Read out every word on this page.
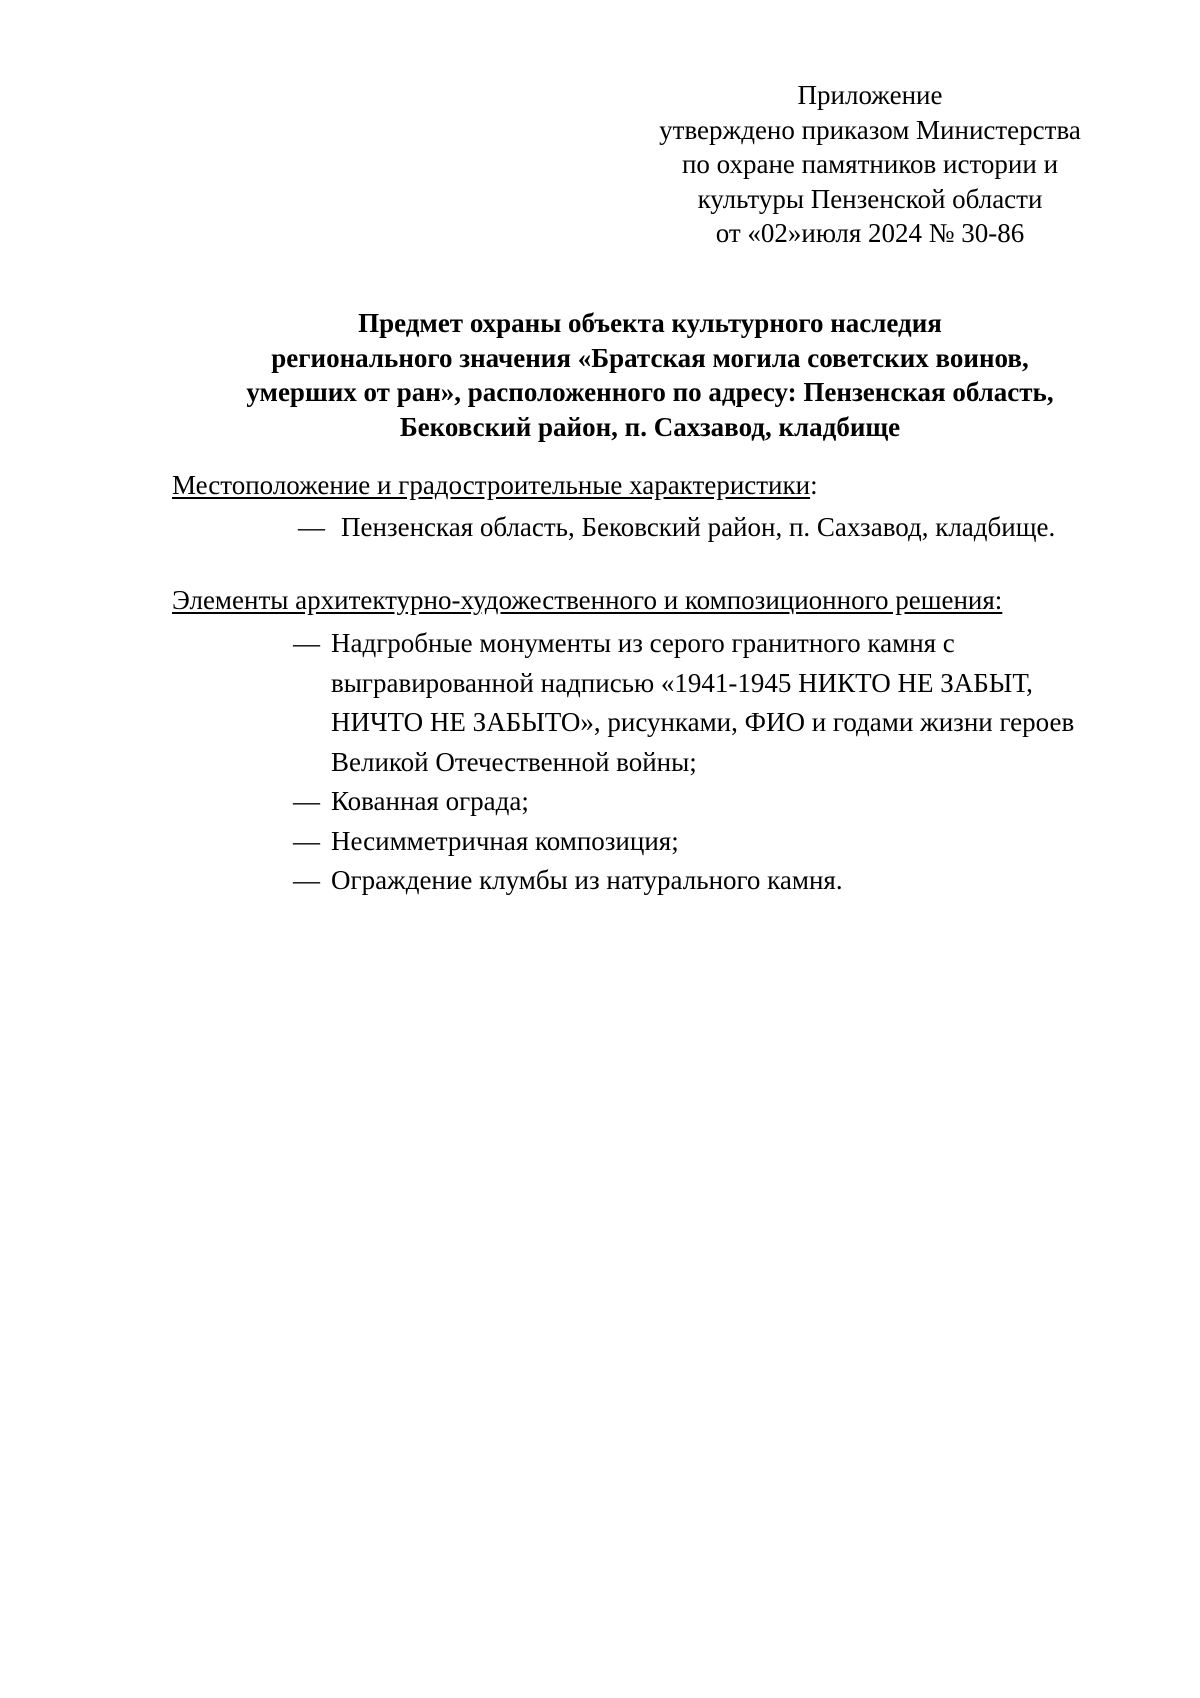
Приложение
утверждено приказом Министерства
по охране памятников истории и
культуры Пензенской области
от «02»июля 2024 № 30-86
Предмет охраны объекта культурного наследия
регионального значения «Братская могила советских воинов,
умерших от ран», расположенного по адресу: Пензенская область,
Бековский район, п. Сахзавод, кладбище
Местоположение и градостроительные характеристики:
— Пензенская область, Бековский район, п. Сахзавод, кладбище.
Элементы архитектурно-художественного и композиционного решения:
— Надгробные монументы из серого гранитного камня с выгравированной надписью «1941-1945 НИКТО НЕ ЗАБЫТ, НИЧТО НЕ ЗАБЫТО», рисунками, ФИО и годами жизни героев Великой Отечественной войны;
— Кованная ограда;
— Несимметричная композиция;
— Ограждение клумбы из натурального камня.
